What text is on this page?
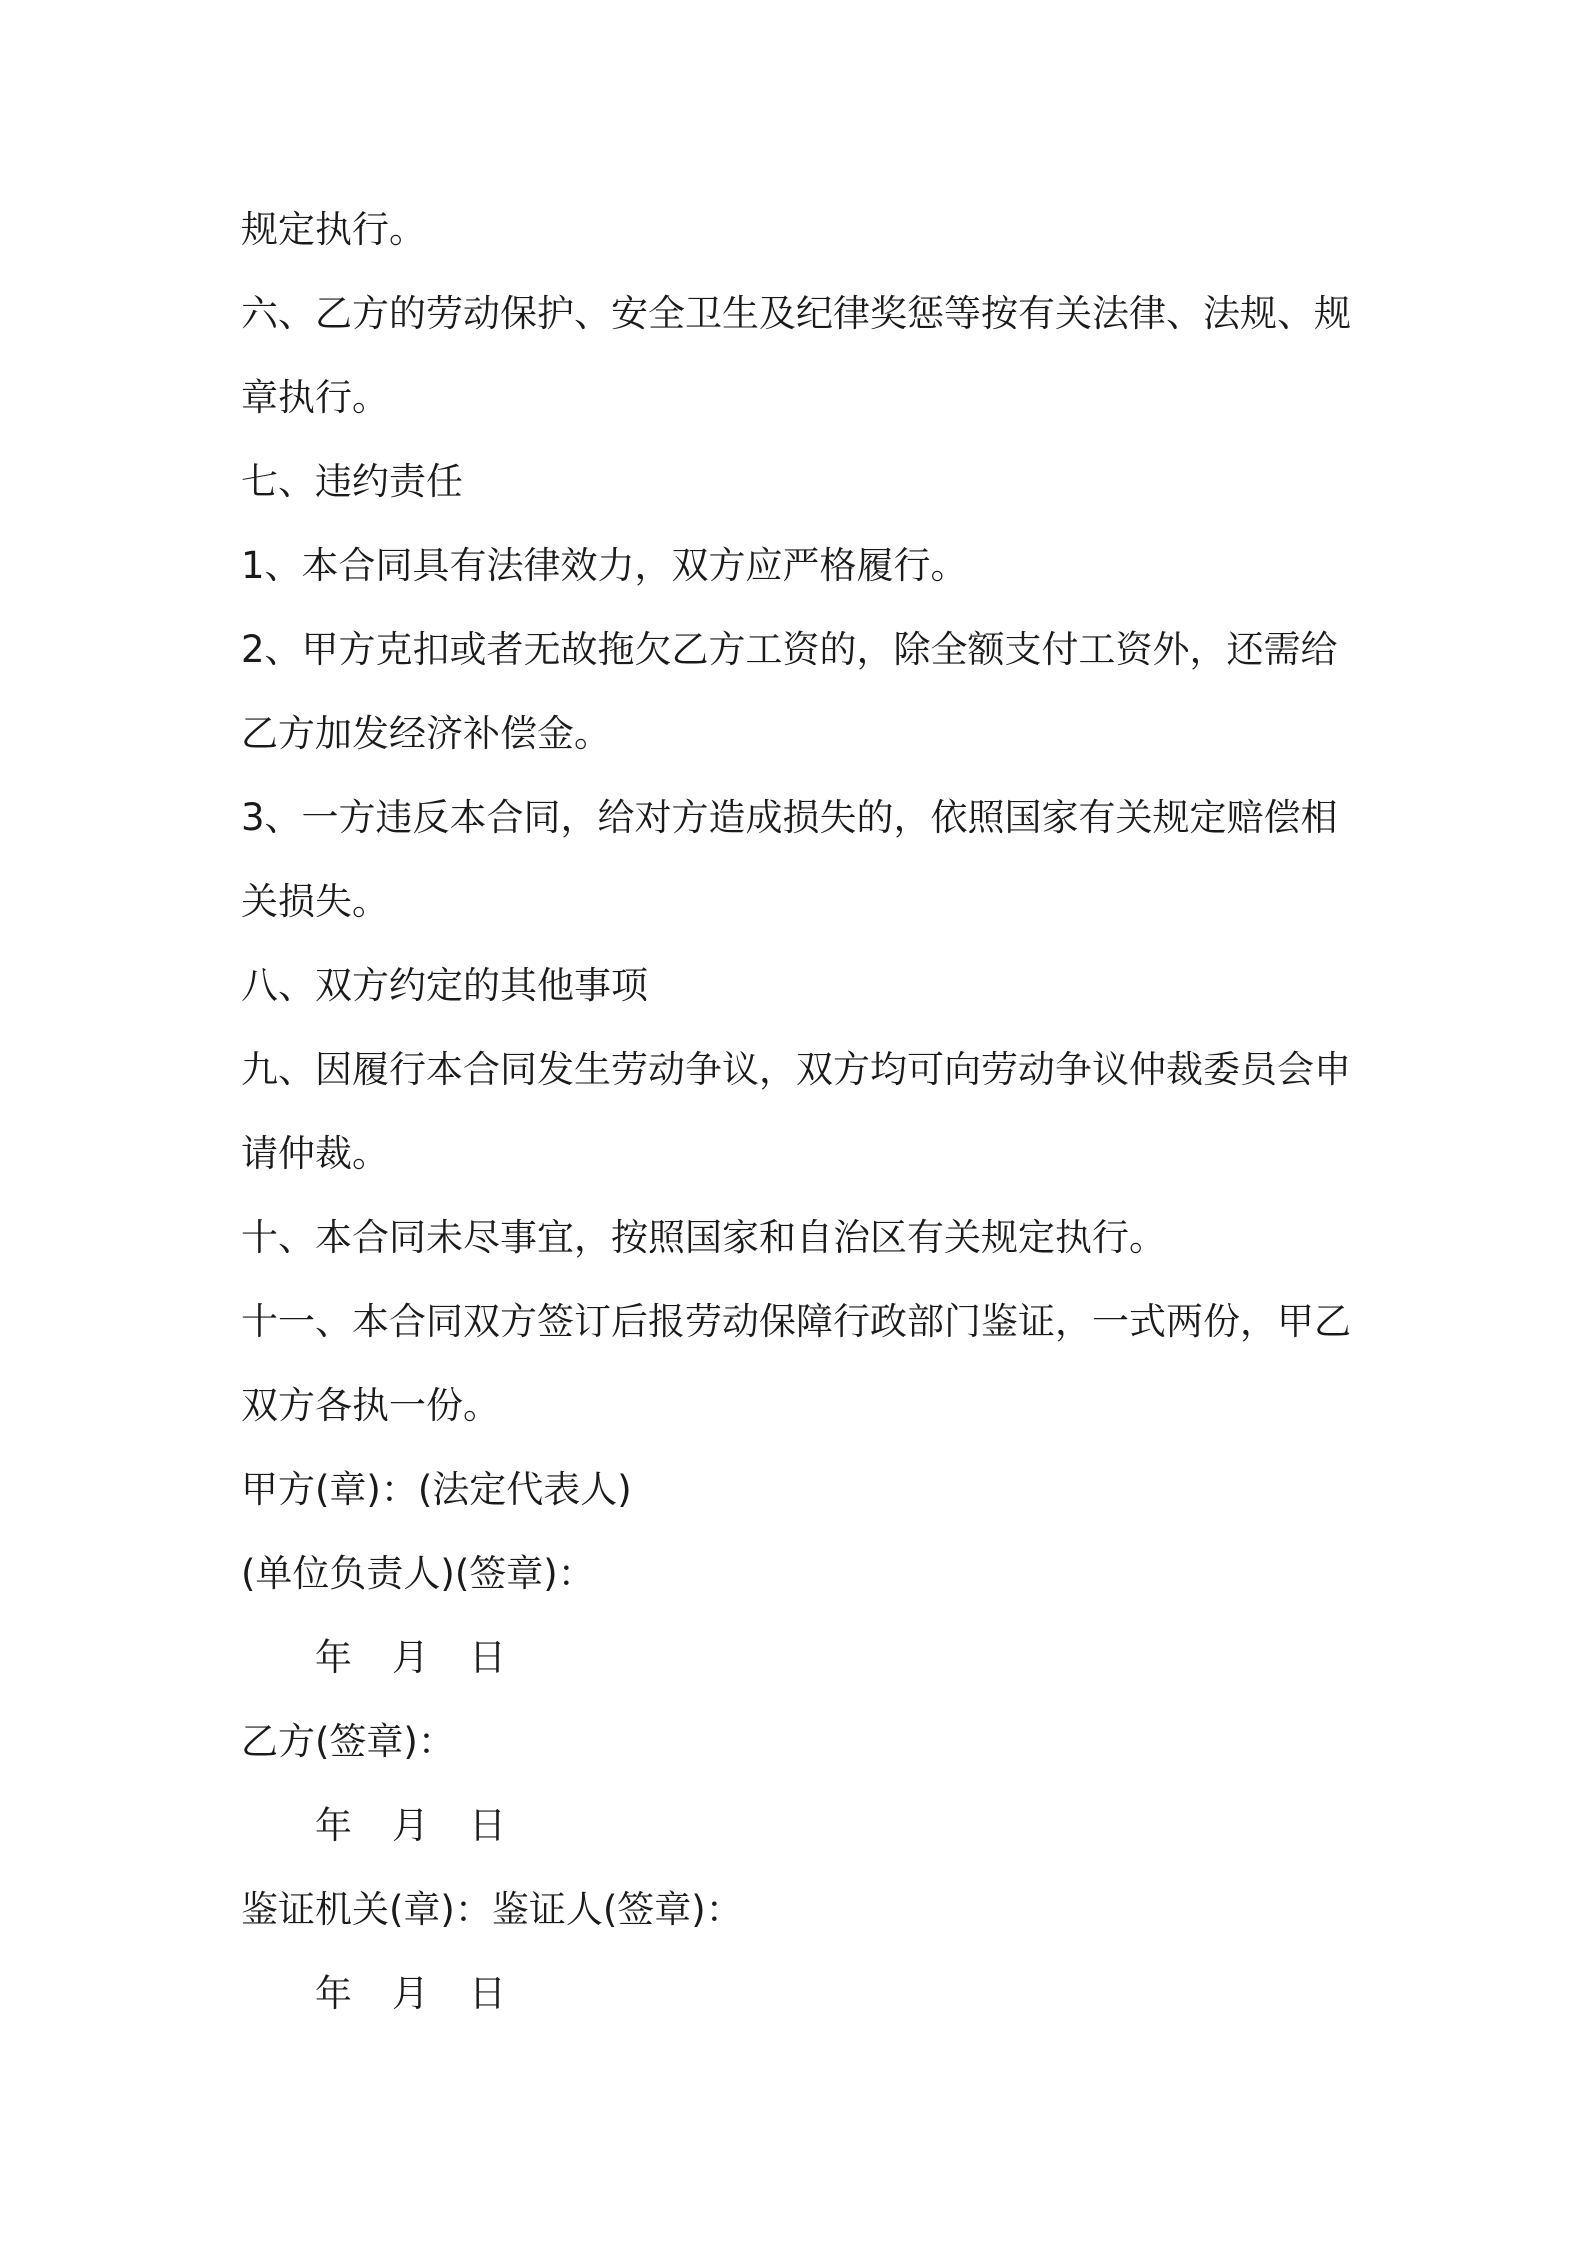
规定执行。
六、乙方的劳动保护、安全卫生及纪律奖惩等按有关法律、法规、规
章执行。
七、违约责任
1、本合同具有法律效力，双方应严格履行。
2、甲方克扣或者无故拖欠乙方工资的，除全额支付工资外，还需给
乙方加发经济补偿金。
3、一方违反本合同，给对方造成损失的，依照国家有关规定赔偿相
关损失。
八、双方约定的其他事项
九、因履行本合同发生劳动争议，双方均可向劳动争议仲裁委员会申
请仲裁。
十、本合同未尽事宜，按照国家和自治区有关规定执行。
十一、本合同双方签订后报劳动保障行政部门鉴证，一式两份，甲乙
双方各执一份。
甲方(章)：(法定代表人)
(单位负责人)(签章)：
年 月 日
乙方(签章)：
年 月 日
鉴证机关(章)：鉴证人(签章)：
年 月 日
